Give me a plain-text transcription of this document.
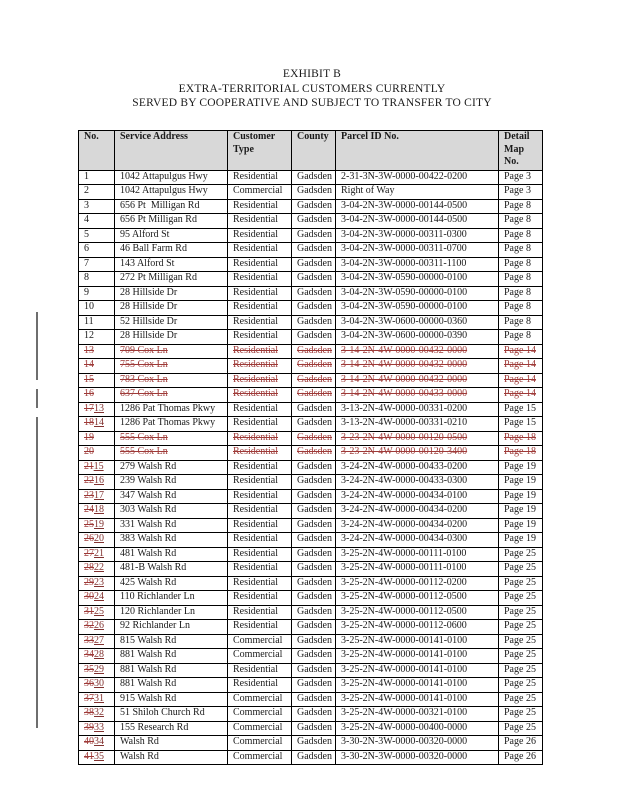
EXHIBIT B
EXTRA-TERRITORIAL CUSTOMERS CURRENTLY
SERVED BY COOPERATIVE AND SUBJECT TO TRANSFER TO CITY
No.	Service Address	Customer Type	County	Parcel ID No.	Detail Map No.
1	1042 Attapulgus Hwy	Residential	Gadsden	2-31-3N-3W-0000-00422-0200	Page 3
2	1042 Attapulgus Hwy	Commercial	Gadsden	Right of Way	Page 3
3	656 Pt  Milligan Rd	Residential	Gadsden	3-04-2N-3W-0000-00144-0500	Page 8
4	656 Pt Milligan Rd	Residential	Gadsden	3-04-2N-3W-0000-00144-0500	Page 8
5	95 Alford St	Residential	Gadsden	3-04-2N-3W-0000-00311-0300	Page 8
6	46 Ball Farm Rd	Residential	Gadsden	3-04-2N-3W-0000-00311-0700	Page 8
7	143 Alford St	Residential	Gadsden	3-04-2N-3W-0000-00311-1100	Page 8
8	272 Pt Milligan Rd	Residential	Gadsden	3-04-2N-3W-0590-00000-0100	Page 8
9	28 Hillside Dr	Residential	Gadsden	3-04-2N-3W-0590-00000-0100	Page 8
10	28 Hillside Dr	Residential	Gadsden	3-04-2N-3W-0590-00000-0100	Page 8
11	52 Hillside Dr	Residential	Gadsden	3-04-2N-3W-0600-00000-0360	Page 8
12	28 Hillside Dr	Residential	Gadsden	3-04-2N-3W-0600-00000-0390	Page 8
13	709 Cox Ln	Residential	Gadsden	3-14-2N-4W-0000-00432-0000	Page 14
14	755 Cox Ln	Residential	Gadsden	3-14-2N-4W-0000-00432-0000	Page 14
15	783 Cox Ln	Residential	Gadsden	3-14-2N-4W-0000-00432-0000	Page 14
16	637 Cox Ln	Residential	Gadsden	3-14-2N-4W-0000-00433-0000	Page 14
1713	1286 Pat Thomas Pkwy	Residential	Gadsden	3-13-2N-4W-0000-00331-0200	Page 15
1814	1286 Pat Thomas Pkwy	Residential	Gadsden	3-13-2N-4W-0000-00331-0210	Page 15
19	555 Cox Ln	Residential	Gadsden	3-23-2N-4W-0000-00120-0500	Page 18
20	555 Cox Ln	Residential	Gadsden	3-23-2N-4W-0000-00120-3400	Page 18
2115	279 Walsh Rd	Residential	Gadsden	3-24-2N-4W-0000-00433-0200	Page 19
2216	239 Walsh Rd	Residential	Gadsden	3-24-2N-4W-0000-00433-0300	Page 19
2317	347 Walsh Rd	Residential	Gadsden	3-24-2N-4W-0000-00434-0100	Page 19
2418	303 Walsh Rd	Residential	Gadsden	3-24-2N-4W-0000-00434-0200	Page 19
2519	331 Walsh Rd	Residential	Gadsden	3-24-2N-4W-0000-00434-0200	Page 19
2620	383 Walsh Rd	Residential	Gadsden	3-24-2N-4W-0000-00434-0300	Page 19
2721	481 Walsh Rd	Residential	Gadsden	3-25-2N-4W-0000-00111-0100	Page 25
2822	481-B Walsh Rd	Residential	Gadsden	3-25-2N-4W-0000-00111-0100	Page 25
2923	425 Walsh Rd	Residential	Gadsden	3-25-2N-4W-0000-00112-0200	Page 25
3024	110 Richlander Ln	Residential	Gadsden	3-25-2N-4W-0000-00112-0500	Page 25
3125	120 Richlander Ln	Residential	Gadsden	3-25-2N-4W-0000-00112-0500	Page 25
3226	92 Richlander Ln	Residential	Gadsden	3-25-2N-4W-0000-00112-0600	Page 25
3327	815 Walsh Rd	Commercial	Gadsden	3-25-2N-4W-0000-00141-0100	Page 25
3428	881 Walsh Rd	Commercial	Gadsden	3-25-2N-4W-0000-00141-0100	Page 25
3529	881 Walsh Rd	Residential	Gadsden	3-25-2N-4W-0000-00141-0100	Page 25
3630	881 Walsh Rd	Residential	Gadsden	3-25-2N-4W-0000-00141-0100	Page 25
3731	915 Walsh Rd	Commercial	Gadsden	3-25-2N-4W-0000-00141-0100	Page 25
3832	51 Shiloh Church Rd	Commercial	Gadsden	3-25-2N-4W-0000-00321-0100	Page 25
3933	155 Research Rd	Commercial	Gadsden	3-25-2N-4W-0000-00400-0000	Page 25
4034	Walsh Rd	Commercial	Gadsden	3-30-2N-3W-0000-00320-0000	Page 26
4135	Walsh Rd	Commercial	Gadsden	3-30-2N-3W-0000-00320-0000	Page 26
